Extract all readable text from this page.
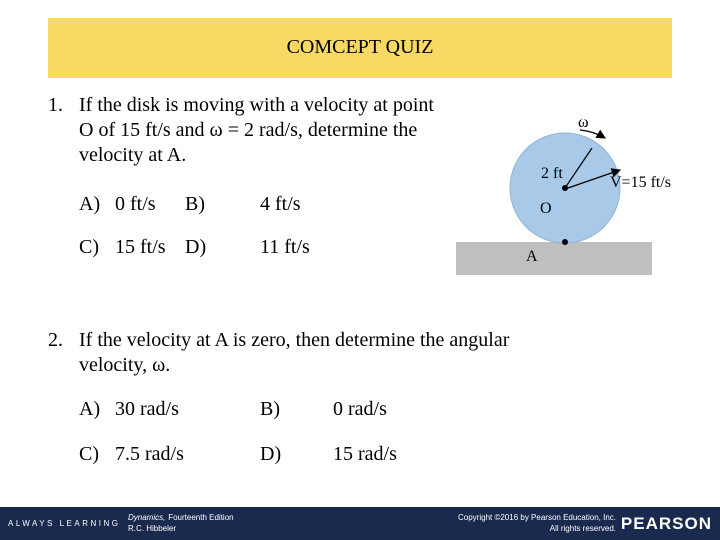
COMCEPT QUIZ
1. If the disk is moving with a velocity at point
O of 15 ft/s and ω = 2 rad/s, determine the
velocity at A.
A) 0 ft/s B)	4 ft/s
C) 15 ft/s D)	11 ft/s
ω
2 ft
V=15 ft/s
O
A
2. If the velocity at A is zero, then determine the angular
velocity, ω.
A) 30 rad/s	B)	0 rad/s
C) 7.5 rad/s	D)	15 rad/s
ALWAYS LEARNING
Dynamics, Fourteenth Edition
R.C. Hibbeler
Copyright ©2016 by Pearson Education, Inc.
All rights reserved. PEARSON
